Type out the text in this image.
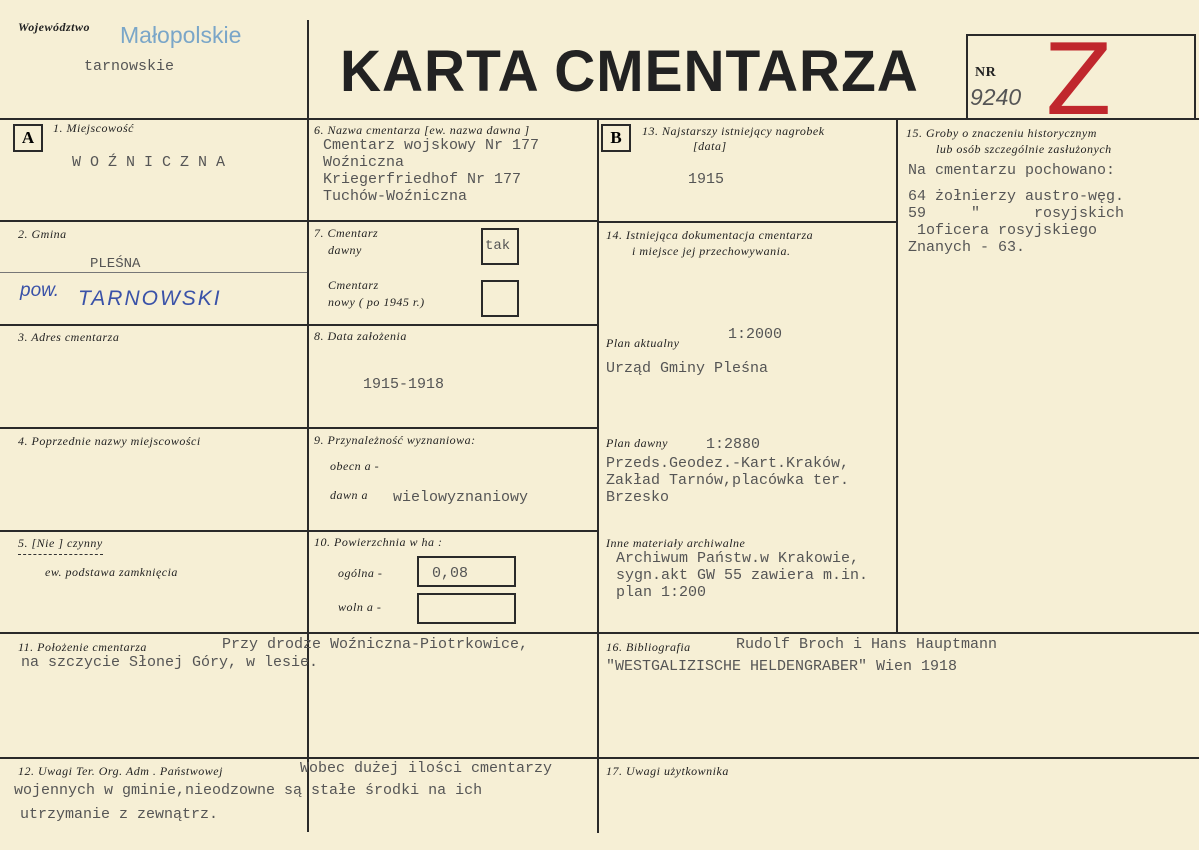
Województwo Małopolskie
tarnowskie	KARTA CMENTARZA	NR
9240 Z
A	B
1. Miejscowość
W O Ź N I C Z N A
2. Gmina
PLEŚNA
pow. TARNOWSKI
3. Adres cmentarza
4. Poprzednie nazwy miejscowości
5. [Nie ] czynny
ew. podstawa zamknięcia
6. Nazwa cmentarza [ew. nazwa dawna ]
Cmentarz wojskowy Nr 177
Woźniczna
Kriegerfriedhof Nr 177
Tuchów-Woźniczna
7. Cmentarz
dawny	tak
Cmentarz
nowy ( po 1945 r.)
8. Data założenia
1915-1918
9. Przynależność wyznaniowa:
obecn a -
dawn a wielowyznaniowy
10. Powierzchnia w ha :
ogólna -	0,08
woln a -
13. Najstarszy istniejący nagrobek
[data]
1915
14. Istniejąca dokumentacja cmentarza
i miejsce jej przechowywania.
Plan aktualny	1:2000
Urząd Gminy Pleśna
Plan dawny	1:2880
Przeds.Geodez.-Kart.Kraków,
Zakład Tarnów,placówka ter.
Brzesko
Inne materiały archiwalne
Archiwum Państw.w Krakowie,
sygn.akt GW 55 zawiera m.in.
plan 1:200
15. Groby o znaczeniu historycznym
lub osób szczególnie zasłużonych
Na cmentarzu pochowano:
64 żołnierzy austro-węg.
59     "      rosyjskich
1oficera rosyjskiego
Znanych - 63.
11. Położenie cmentarza	Przy drodze Woźniczna-Piotrkowice,
na szczycie Słonej Góry, w lesie.
16. Bibliografia	Rudolf Broch i Hans Hauptmann
"WESTGALIZISCHE HELDENGRABER" Wien 1918
12. Uwagi Ter. Org. Adm . Państwowej	Wobec dużej ilości cmentarzy
wojennych w gminie,nieodzowne są stałe środki na ich
utrzymanie z zewnątrz.
17. Uwagi użytkownika
